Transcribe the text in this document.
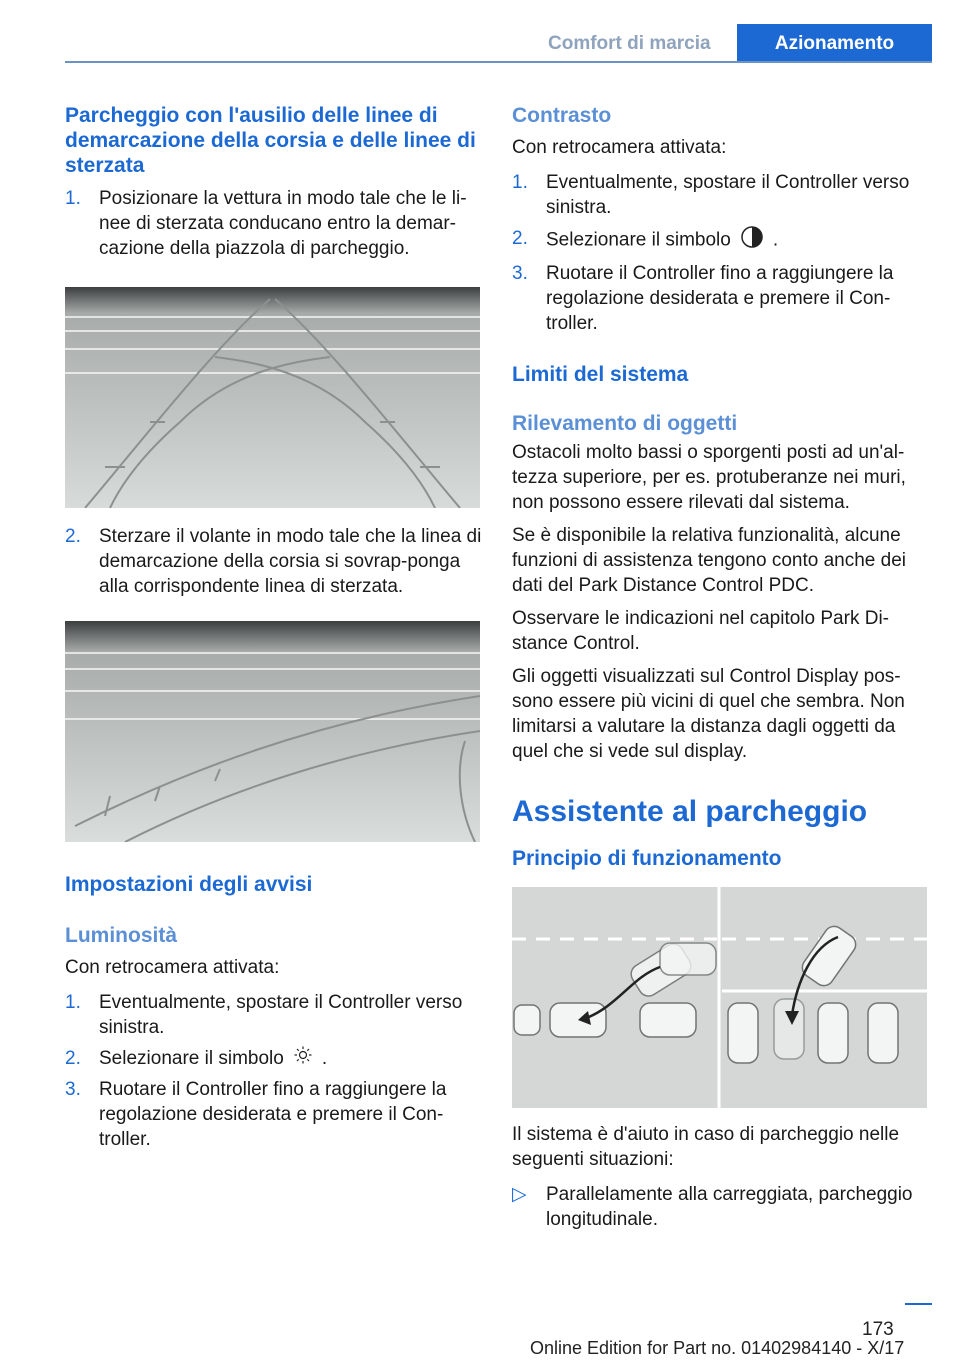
Comfort di marcia	Azionamento
Parcheggio con l'ausilio delle linee di demarcazione della corsia e delle linee di sterzata
1. Posizionare la vettura in modo tale che le li‐nee di sterzata conducano entro la demar‐cazione della piazzola di parcheggio.
2. Sterzare il volante in modo tale che la linea di demarcazione della corsia si sovrap‐ponga alla corrispondente linea di sterzata.
Impostazioni degli avvisi
Luminosità

Con retrocamera attivata:

1. Eventualmente, spostare il Controller verso sinistra.
2. Selezionare il simbolo .
3. Ruotare il Controller fino a raggiungere la regolazione desiderata e premere il Con‐troller.
Contrasto

Con retrocamera attivata:

1. Eventualmente, spostare il Controller verso sinistra.
2. Selezionare il simbolo .
3. Ruotare il Controller fino a raggiungere la regolazione desiderata e premere il Con‐troller.
Limiti del sistema
Rilevamento di oggetti

Ostacoli molto bassi o sporgenti posti ad un'al‐tezza superiore, per es. protuberanze nei muri, non possono essere rilevati dal sistema.

Se è disponibile la relativa funzionalità, alcune funzioni di assistenza tengono conto anche dei dati del Park Distance Control PDC.

Osservare le indicazioni nel capitolo Park Di‐stance Control.

Gli oggetti visualizzati sul Control Display pos‐sono essere più vicini di quel che sembra. Non limitarsi a valutare la distanza dagli oggetti da quel che si vede sul display.

Assistente al parcheggio
Principio di funzionamento

Il sistema è d'aiuto in caso di parcheggio nelle seguenti situazioni:

▷ Parallelamente alla carreggiata, parcheggio longitudinale.
173
Online Edition for Part no. 01402984140 - X/17
